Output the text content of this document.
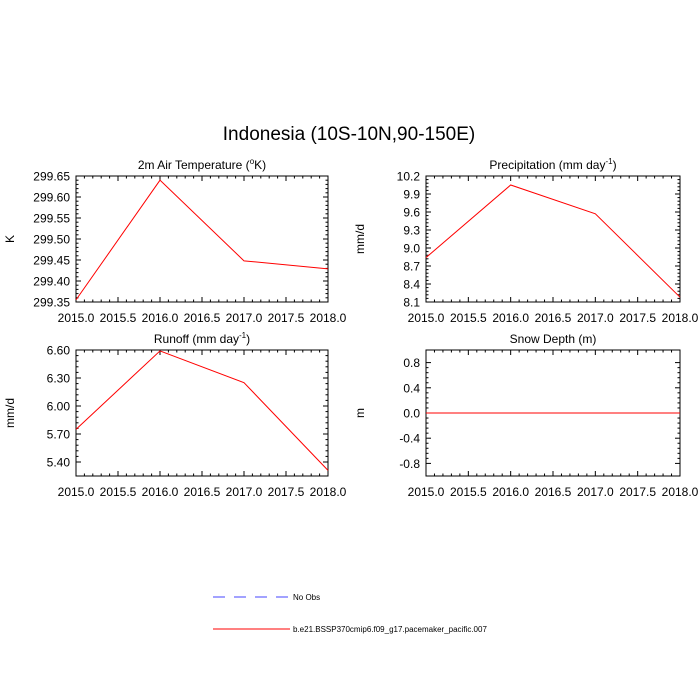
Indonesia (10S-10N,90-150E)
2015.0 2015.5 2016.0 2016.5 2017.0 2017.5 2018.0
299.35
299.40
299.45
299.50
299.55
299.60
299.65
2m Air Temperature ($^o$K)
K
2015.0 2015.5 2016.0 2016.5 2017.0 2017.5 2018.0
8.1
8.4
8.7
9.0
9.3
9.6
9.9
10.2
Precipitation (mm day$^{-1}$)
mm/d
2015.0 2015.5 2016.0 2016.5 2017.0 2017.5 2018.0
5.40
5.70
6.00
6.30
6.60
Runoff (mm day$^{-1}$)
mm/d
2015.0 2015.5 2016.0 2016.5 2017.0 2017.5 2018.0
-0.8
-0.4
0.0
0.4
0.8
Snow Depth (m)
m
No Obs
b.e21.BSSP370cmip6.f09_g17.pacemaker_pacific.007
